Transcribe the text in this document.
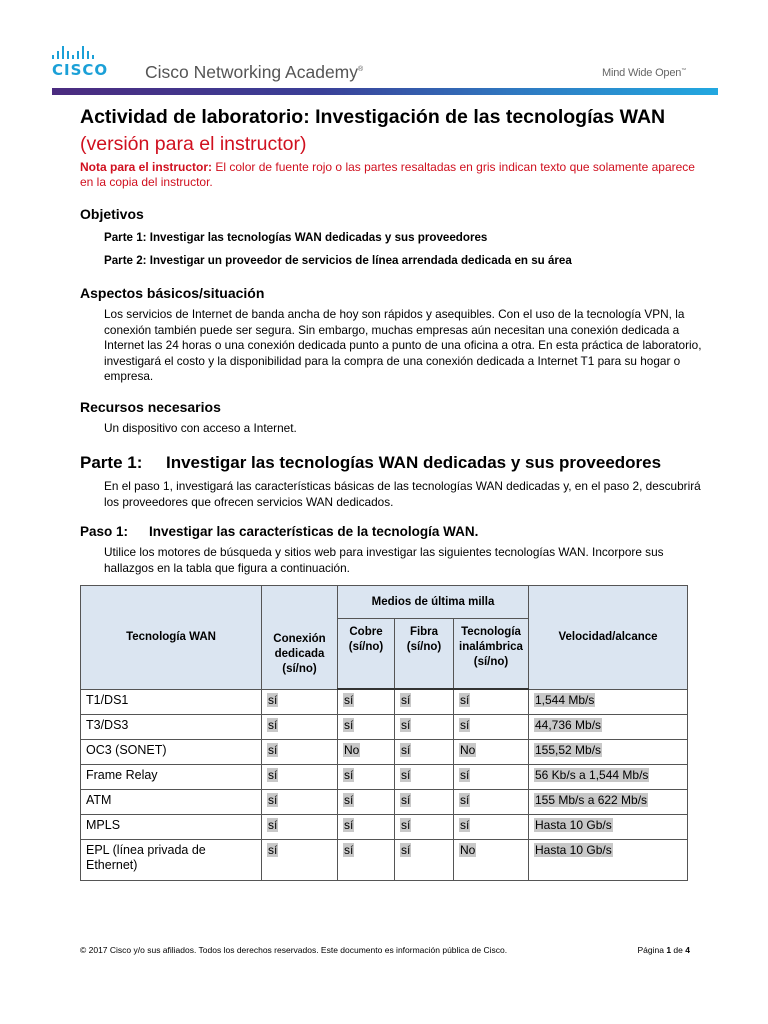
CISCO	Cisco Networking Academy®	Mind Wide Open™
Actividad de laboratorio: Investigación de las tecnologías WAN
(versión para el instructor)
Nota para el instructor: El color de fuente rojo o las partes resaltadas en gris indican texto que solamente aparece en la copia del instructor.
Objetivos
Parte 1: Investigar las tecnologías WAN dedicadas y sus proveedores
Parte 2: Investigar un proveedor de servicios de línea arrendada dedicada en su área
Aspectos básicos/situación
Los servicios de Internet de banda ancha de hoy son rápidos y asequibles. Con el uso de la tecnología VPN, la conexión también puede ser segura. Sin embargo, muchas empresas aún necesitan una conexión dedicada a Internet las 24 horas o una conexión dedicada punto a punto de una oficina a otra. En esta práctica de laboratorio, investigará el costo y la disponibilidad para la compra de una conexión dedicada a Internet T1 para su hogar o empresa.
Recursos necesarios
Un dispositivo con acceso a Internet.
Parte 1: Investigar las tecnologías WAN dedicadas y sus proveedores
En el paso 1, investigará las características básicas de las tecnologías WAN dedicadas y, en el paso 2, descubrirá los proveedores que ofrecen servicios WAN dedicados.
Paso 1: Investigar las características de la tecnología WAN.
Utilice los motores de búsqueda y sitios web para investigar las siguientes tecnologías WAN. Incorpore sus hallazgos en la tabla que figura a continuación.
Tecnología WAN	Conexión dedicada (sí/no)	Medios de última milla			Velocidad/alcance
		Cobre (sí/no)	Fibra (sí/no)	Tecnología inalámbrica (sí/no)	
T1/DS1	sí	sí	sí	sí	1,544 Mb/s
T3/DS3	sí	sí	sí	sí	44,736 Mb/s
OC3 (SONET)	sí	No	sí	No	155,52 Mb/s
Frame Relay	sí	sí	sí	sí	56 Kb/s a 1,544 Mb/s
ATM	sí	sí	sí	sí	155 Mb/s a 622 Mb/s
MPLS	sí	sí	sí	sí	Hasta 10 Gb/s
EPL (línea privada de Ethernet)	sí	sí	sí	No	Hasta 10 Gb/s
© 2017 Cisco y/o sus afiliados. Todos los derechos reservados. Este documento es información pública de Cisco.	Página 1 de 4
